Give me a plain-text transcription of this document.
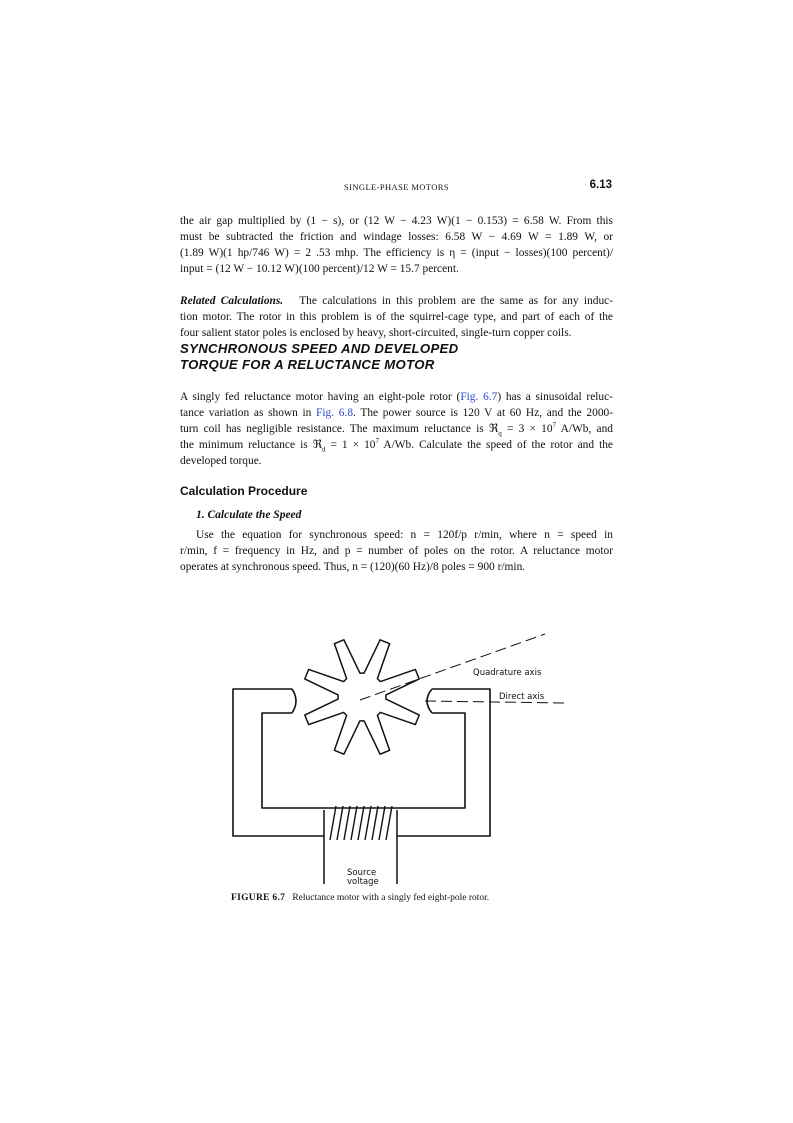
SINGLE-PHASE MOTORS	6.13
the air gap multiplied by (1 − s), or (12 W − 4.23 W)(1 − 0.153) = 6.58 W. From this
must be subtracted the friction and windage losses: 6.58 W − 4.69 W = 1.89 W, or
(1.89 W)(1 hp/746 W) = 2 .53 mhp. The efficiency is η = (input − losses)(100 percent)/
input = (12 W − 10.12 W)(100 percent)/12 W = 15.7 percent.
Related Calculations. The calculations in this problem are the same as for any induc-
tion motor. The rotor in this problem is of the squirrel-cage type, and part of each of the
four salient stator poles is enclosed by heavy, short-circuited, single-turn copper coils.
SYNCHRONOUS SPEED AND DEVELOPED
TORQUE FOR A RELUCTANCE MOTOR
A singly fed reluctance motor having an eight-pole rotor (Fig. 6.7) has a sinusoidal reluc-
tance variation as shown in Fig. 6.8. The power source is 120 V at 60 Hz, and the 2000-
turn coil has negligible resistance. The maximum reluctance is ℜ$_q$ = $3 \times 10^7$ A/Wb, and
the minimum reluctance is ℜ$_d$ = $1 \times 10^7$ A/Wb. Calculate the speed of the rotor and the
developed torque.
Calculation Procedure
1. Calculate the Speed
Use the equation for synchronous speed: n = 120f/p r/min, where n = speed in
r/min, f = frequency in Hz, and p = number of poles on the rotor. A reluctance motor
operates at synchronous speed. Thus, n = (120)(60 Hz)/8 poles = 900 r/min.
Quadrature axis
Direct axis
Source
voltage
FIGURE 6.7 Reluctance motor with a singly fed eight-pole rotor.
